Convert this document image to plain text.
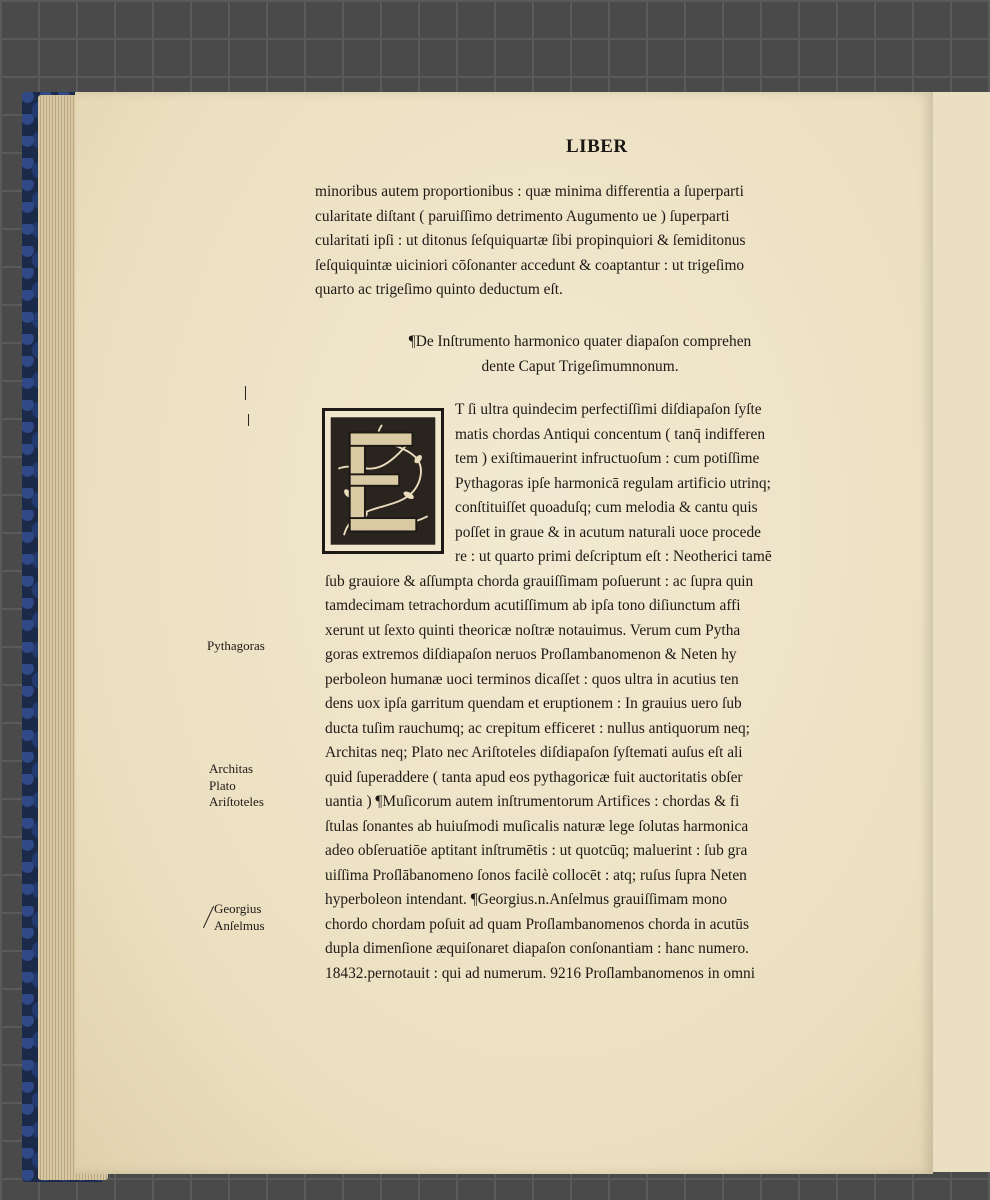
LIBER
minoribus autem proportionibus : quæ minima differentia a ſuperparti
cularitate diſtant ( paruiſſimo detrimento Augumento ue ) ſuperparti
cularitati ipſi : ut ditonus ſeſquiquartæ ſibi propinquiori & ſemiditonus
ſeſquiquintæ uiciniori cōſonanter accedunt & coaptantur : ut trigeſimo
quarto ac trigeſimo quinto deductum eſt.
¶De Inſtrumento harmonico quater diapaſon comprehen
dente Caput Trigeſimumnonum.
T ſi ultra quindecim perfectiſſimi diſdiapaſon ſyſte
matis chordas Antiqui concentum ( tanq̄ indifferen
tem ) exiſtimauerint infructuoſum : cum potiſſime
Pythagoras ipſe harmonicā regulam artificio utrinq;
conſtituiſſet quoaduſq; cum melodia & cantu quis
poſſet in graue & in acutum naturali uoce procede
re : ut quarto primi deſcriptum eſt : Neotherici tamē
ſub grauiore & aſſumpta chorda grauiſſimam poſuerunt : ac ſupra quin
tamdecimam tetrachordum acutiſſimum ab ipſa tono diſiunctum affi
xerunt ut ſexto quinti theoricæ noſtræ notauimus. Verum cum Pytha
goras extremos diſdiapaſon neruos Proſlambanomenon & Neten hy
perboleon humanæ uoci terminos dicaſſet : quos ultra in acutius ten
dens uox ipſa garritum quendam et eruptionem : In grauius uero ſub
ducta tuſim rauchumq; ac crepitum efficeret : nullus antiquorum neq;
Architas neq; Plato nec Ariſtoteles diſdiapaſon ſyſtemati auſus eſt ali
quid ſuperaddere ( tanta apud eos pythagoricæ fuit auctoritatis obſer
uantia ) ¶Muſicorum autem inſtrumentorum Artifices : chordas & fi
ſtulas ſonantes ab huiuſmodi muſicalis naturæ lege ſolutas harmonica
adeo obſeruatiōe aptitant inſtrumētis : ut quotcūq; maluerint : ſub gra
uiſſima Proſlābanomeno ſonos facilè collocēt : atq; ruſus ſupra Neten
hyperboleon intendant. ¶Georgius.n.Anſelmus grauiſſimam mono
chordo chordam poſuit ad quam Proſlambanomenos chorda in acutūs
dupla dimenſione æquiſonaret diapaſon conſonantiam : hanc numero.
18432.pernotauit : qui ad numerum. 9216 Proſlambanomenos in omni
Pythagoras
Architas
Plato
Ariſtoteles
Georgius
Anſelmus
